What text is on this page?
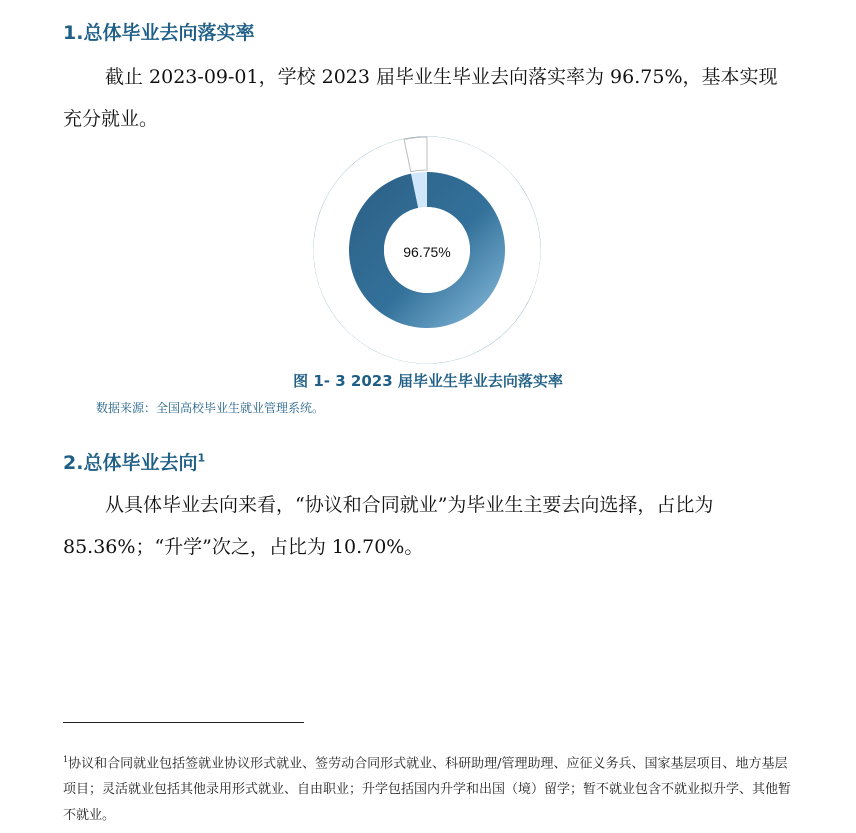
1.总体毕业去向落实率

截止 2023-09-01，学校 2023 届毕业生毕业去向落实率为 96.75%，基本实现充分就业。

96.75%
图 1- 3 2023 届毕业生毕业去向落实率
数据来源：全国高校毕业生就业管理系统。
2.总体毕业去向$^1$

从具体毕业去向来看，“协议和合同就业”为毕业生主要去向选择，占比为 85.36%；“升学”次之，占比为 10.70%。

$^1$协议和合同就业包括签就业协议形式就业、签劳动合同形式就业、科研助理/管理助理、应征义务兵、国家基层项目、地方基层项目；灵活就业包括其他录用形式就业、自由职业；升学包括国内升学和出国（境）留学；暂不就业包含不就业拟升学、其他暂不就业。
